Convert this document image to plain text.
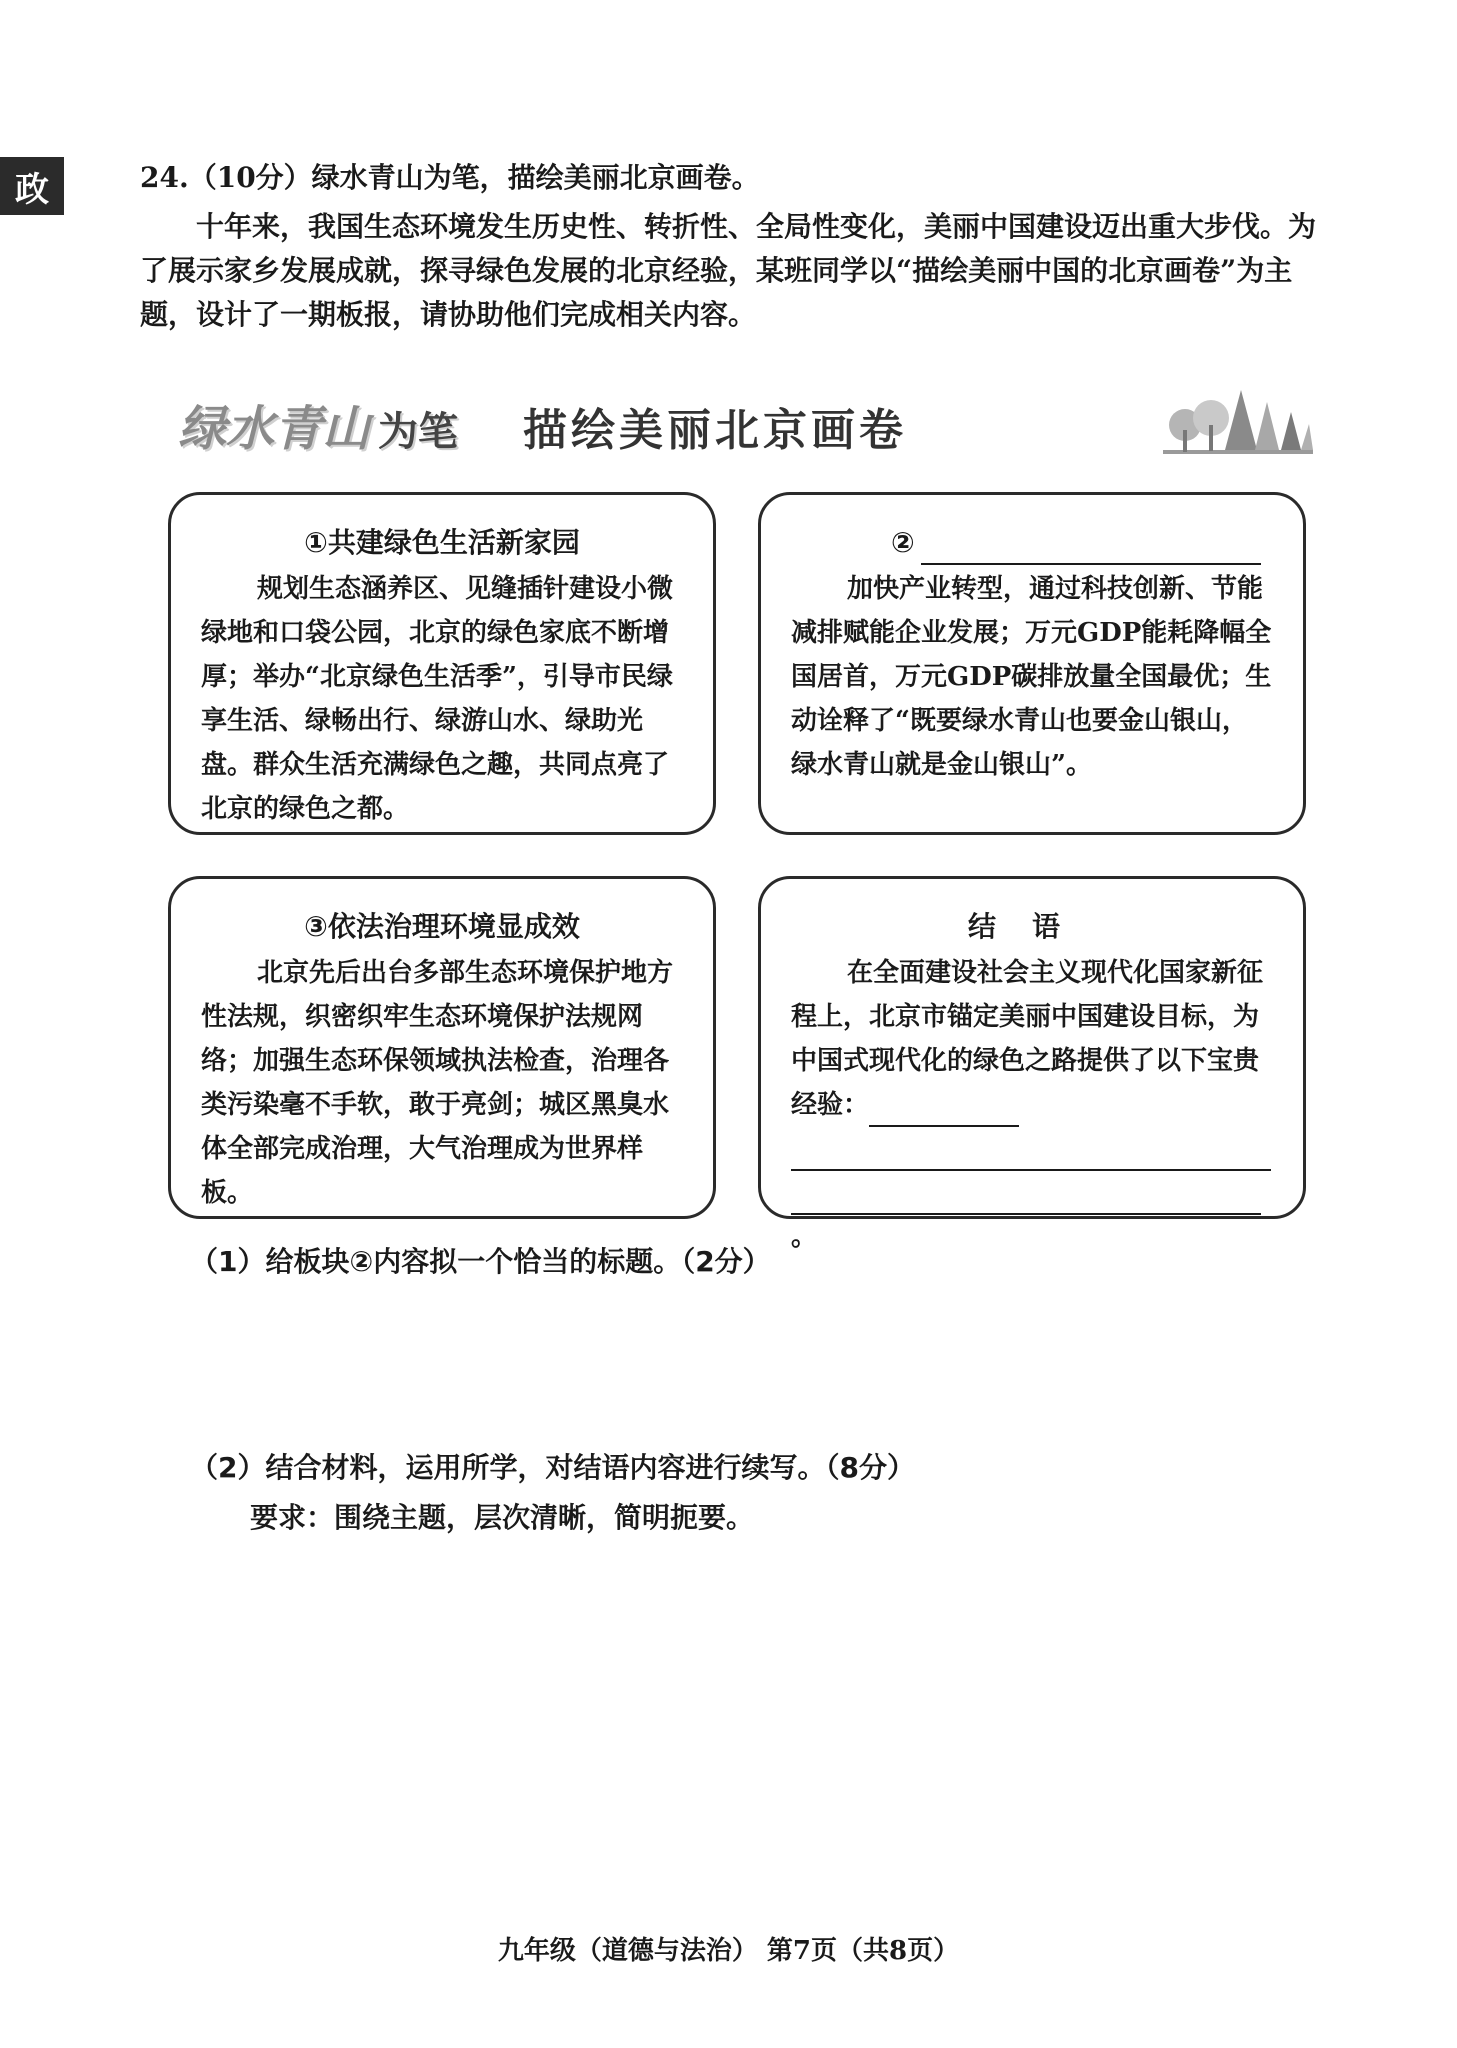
政	24.（10分）绿水青山为笔，描绘美丽北京画卷。

十年来，我国生态环境发生历史性、转折性、全局性变化，美丽中国建设迈出重大步伐。为了展示家乡发展成就，探寻绿色发展的北京经验，某班同学以“描绘美丽中国的北京画卷”为主题，设计了一期板报，请协助他们完成相关内容。

绿水青山 为笔 描绘美丽北京画卷
①共建绿色生活新家园

规划生态涵养区、见缝插针建设小微绿地和口袋公园，北京的绿色家底不断增厚；举办“北京绿色生活季”，引导市民绿享生活、绿畅出行、绿游山水、绿助光盘。群众生活充满绿色之趣，共同点亮了北京的绿色之都。

②

加快产业转型，通过科技创新、节能减排赋能企业发展；万元GDP能耗降幅全国居首，万元GDP碳排放量全国最优；生动诠释了“既要绿水青山也要金山银山，绿水青山就是金山银山”。

③依法治理环境显成效

北京先后出台多部生态环境保护地方性法规，织密织牢生态环境保护法规网络；加强生态环保领域执法检查，治理各类污染毫不手软，敢于亮剑；城区黑臭水体全部完成治理，大气治理成为世界样板。

结语

在全面建设社会主义现代化国家新征程上，北京市锚定美丽中国建设目标，为中国式现代化的绿色之路提供了以下宝贵经验：

。
（1）给板块②内容拟一个恰当的标题。（2分）
（2）结合材料，运用所学，对结语内容进行续写。（8分）
要求：围绕主题，层次清晰，简明扼要。
九年级（道德与法治） 第7页（共8页）
